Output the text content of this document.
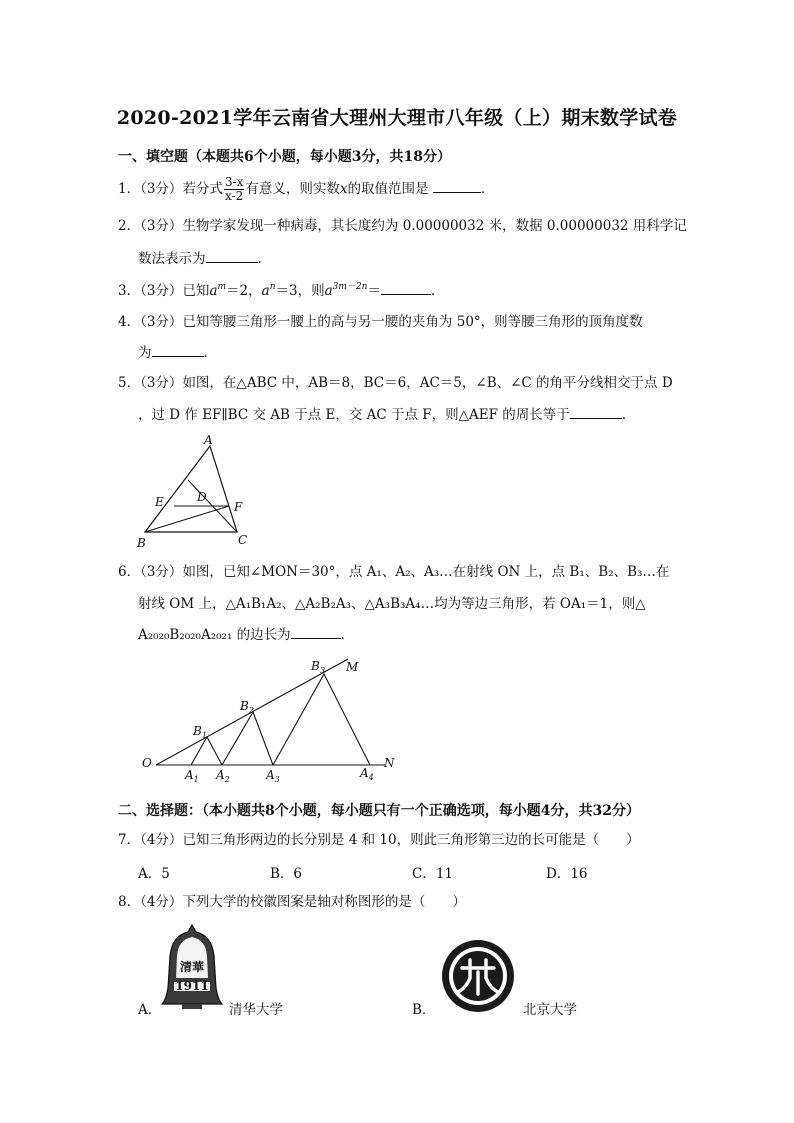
2020-2021学年云南省大理州大理市八年级（上）期末数学试卷
一、填空题（本题共6个小题，每小题3分，共18分）
1．（3分）若分式 $\frac{3-x}{x-2}$ 有意义，则实数x的取值范围是	．
2．（3分）生物学家发现一种病毒，其长度约为 0.00000032 米，数据 0.00000032 用科学记
数法表示为	．
3．（3分）已知$a^m=2$，$a^n=3$，则$a^{3m-2n}=$	．
4．（3分）已知等腰三角形一腰上的高与另一腰的夹角为 50°，则等腰三角形的顶角度数
为	．
5．（3分）如图，在△ABC 中，AB＝8，BC＝6，AC＝5，∠B、∠C 的角平分线相交于点 D
，过 D 作 EF∥BC 交 AB 于点 E，交 AC 于点 F，则△AEF 的周长等于	．
A
B	C
D
E	F
6．（3分）如图，已知∠MON＝30°，点 A₁、A₂、A₃…在射线 ON 上，点 B₁、B₂、B₃…在
射线 OM 上，△A₁B₁A₂、△A₂B₂A₃、△A₃B₃A₄…均为等边三角形，若 OA₁＝1，则△
A₂₀₂₀B₂₀₂₀A₂₀₂₁ 的边长为	．
O
M
N
$A_1$ $A_2$	$A_3$	$A_4$
$B_1$
$B_2$
$B_3$
二、选择题：（本小题共8个小题，每小题只有一个正确选项，每小题4分，共32分）
7．（4分）已知三角形两边的长分别是 4 和 10，则此三角形第三边的长可能是（　　）
A．5	B．6	C．11	D．16
8．（4分）下列大学的校徽图案是轴对称图形的是（　　）
清華
1911
A．	清华大学	B．	北京大学
